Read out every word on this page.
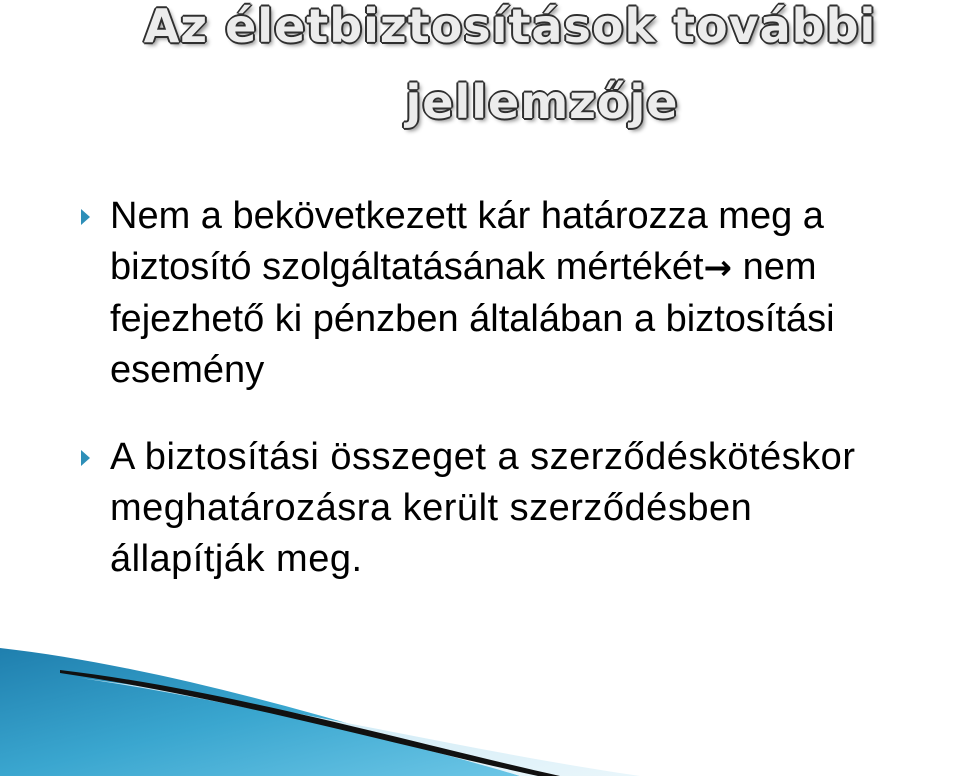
Az életbiztosítások további
jellemzője
Nem a bekövetkezett kár határozza meg a
biztosító szolgáltatásának mértékét→ nem
fejezhető ki pénzben általában a biztosítási
esemény
A biztosítási összeget a szerződéskötéskor
meghatározásra került szerződésben
állapítják meg.
